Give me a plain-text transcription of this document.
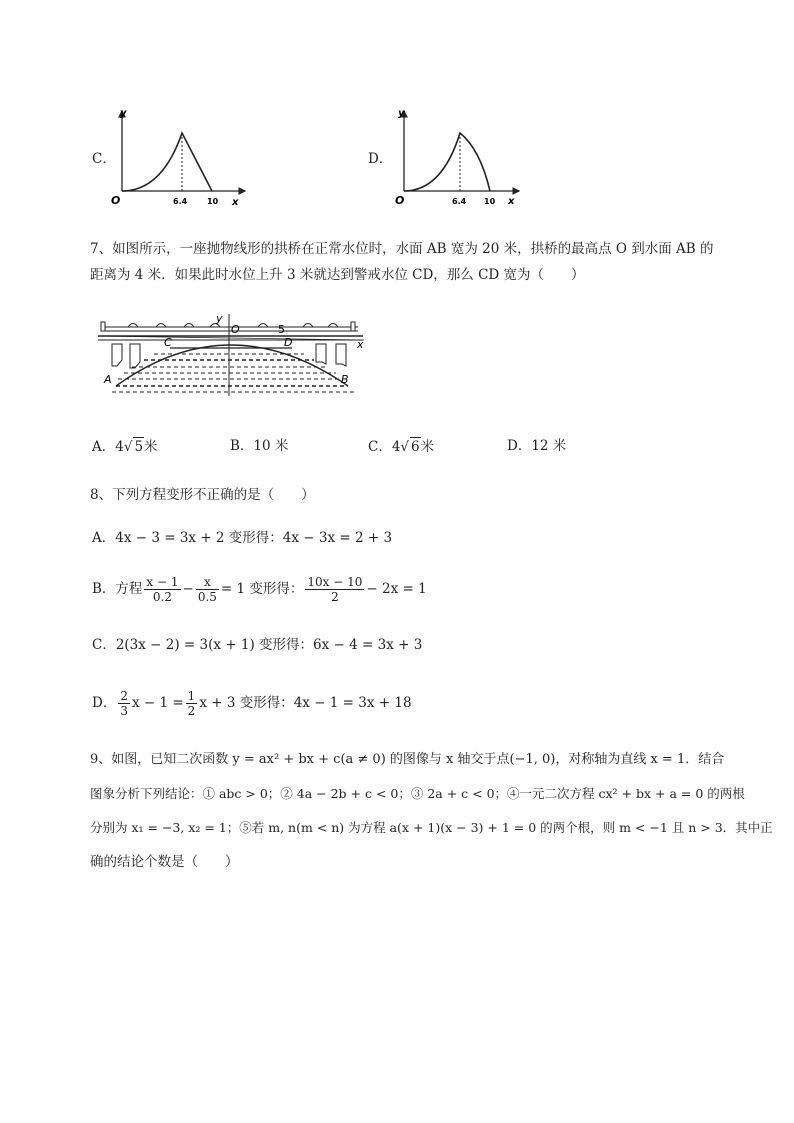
C．
y
x
O	6.4 10
D．
y
x
O	6.4 10
7、如图所示，一座抛物线形的拱桥在正常水位时，水面 AB 宽为 20 米，拱桥的最高点 O 到水面 AB 的
距离为 4 米．如果此时水位上升 3 米就达到警戒水位 CD，那么 CD 宽为（　　）
y
O	5
x
C	D
A	B
A．4√ 5米	B．10 米	C．4√ 6米	D．12 米
8、下列方程变形不正确的是（　　）
A．4x − 3 = 3x + 2 变形得：4x − 3x = 2 + 3
B．方程 $\frac{x - 1}{0.2} - \frac{x}{0.5} = 1$ 变形得： $\frac{10x - 10}{2} - 2x = 1$
C．2(3x − 2) = 3(x + 1) 变形得：6x − 4 = 3x + 3
D． $\frac{2}{3}$ $x - 1 = \frac{1}{2}$ x + 3 变形得：4x − 1 = 3x + 18
9、如图，已知二次函数 y = ax² + bx + c(a ≠ 0) 的图像与 x 轴交于点(−1, 0)，对称轴为直线 x = 1．结合
图象分析下列结论：① abc > 0；② 4a − 2b + c < 0；③ 2a + c < 0；④一元二次方程 cx² + bx + a = 0 的两根
分别为 x₁ = −3, x₂ = 1；⑤若 m, n(m < n) 为方程 a(x + 1)(x − 3) + 1 = 0 的两个根，则 m < −1 且 n > 3．其中正
确的结论个数是（　　）
